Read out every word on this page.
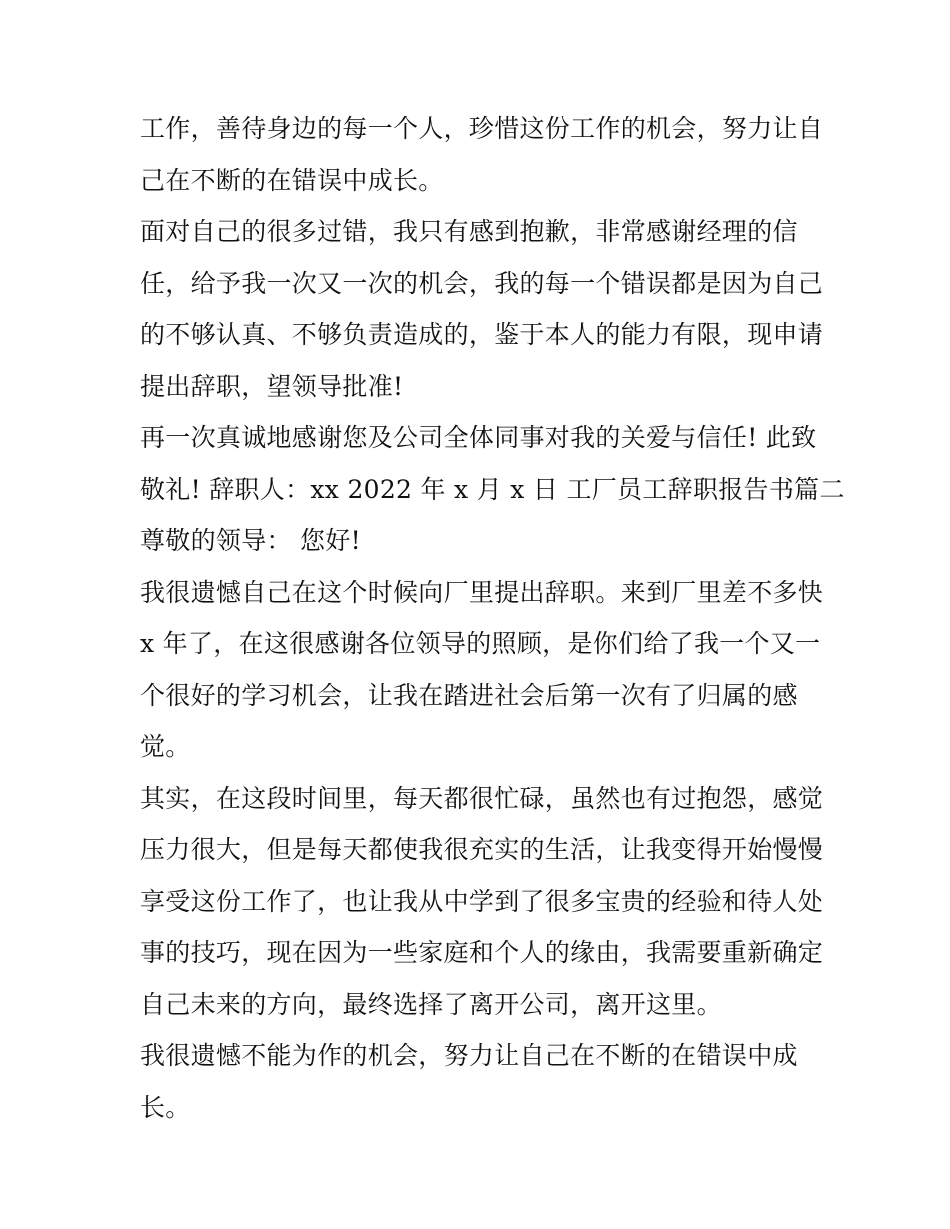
工作，善待身边的每一个人，珍惜这份工作的机会，努力让自
己在不断的在错误中成长。
面对自己的很多过错，我只有感到抱歉，非常感谢经理的信
任，给予我一次又一次的机会，我的每一个错误都是因为自己
的不够认真、不够负责造成的，鉴于本人的能力有限，现申请
提出辞职，望领导批准!
再一次真诚地感谢您及公司全体同事对我的关爱与信任! 此致
敬礼! 辞职人：xx 2022 年 x 月 x 日 工厂员工辞职报告书篇二
尊敬的领导： 您好!
我很遗憾自己在这个时候向厂里提出辞职。来到厂里差不多快
x 年了，在这很感谢各位领导的照顾，是你们给了我一个又一
个很好的学习机会，让我在踏进社会后第一次有了归属的感
觉。
其实，在这段时间里，每天都很忙碌，虽然也有过抱怨，感觉
压力很大，但是每天都使我很充实的生活，让我变得开始慢慢
享受这份工作了，也让我从中学到了很多宝贵的经验和待人处
事的技巧，现在因为一些家庭和个人的缘由，我需要重新确定
自己未来的方向，最终选择了离开公司，离开这里。
我很遗憾不能为作的机会，努力让自己在不断的在错误中成
长。
